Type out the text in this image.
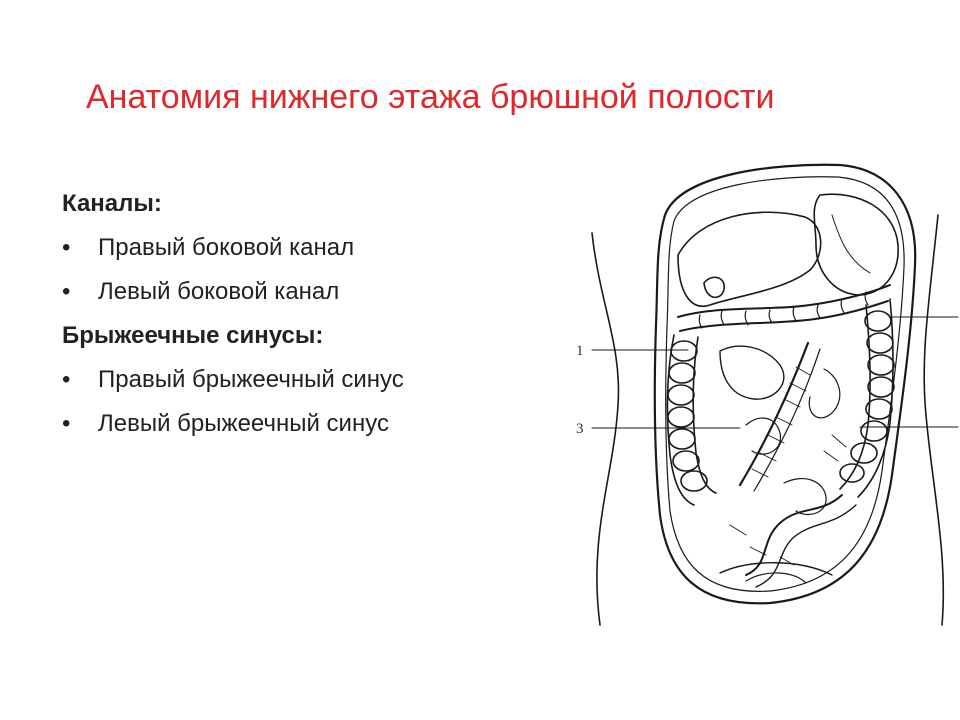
Анатомия нижнего этажа брюшной полости

Каналы:

•	Правый боковой канал
•	Левый боковой канал

Брыжеечные синусы:

•	Правый брыжеечный синус
•	Левый брыжеечный синус
1
3
